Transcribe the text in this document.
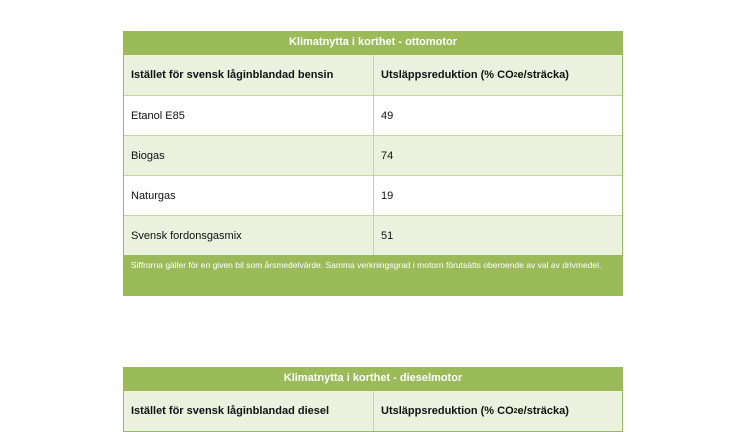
Klimatnytta i korthet - ottomotor
Istället för svensk låginblandad bensin	Utsläppsreduktion (% CO 2 e/sträcka)
Etanol E85	49
Biogas	74
Naturgas	19
Svensk fordonsgasmix	51
Siffrorna gäller för en given bil som årsmedelvärde. Samma verkningsgrad i motorn förutsätts oberoende av val av drivmedel.
Klimatnytta i korthet - dieselmotor
Istället för svensk låginblandad diesel	Utsläppsreduktion (% CO 2 e/sträcka)
